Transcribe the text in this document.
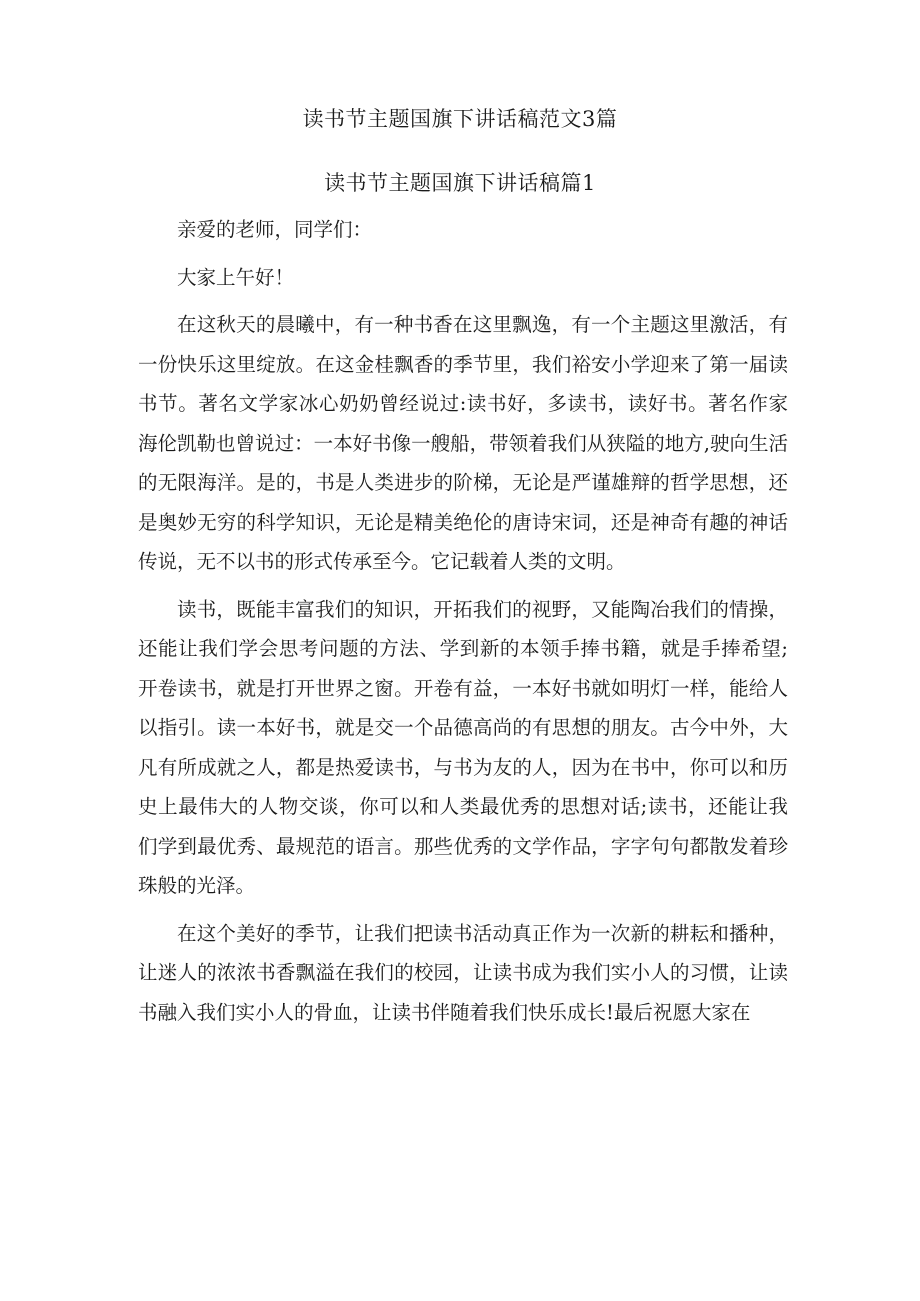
读书节主题国旗下讲话稿范文3篇
读书节主题国旗下讲话稿篇1

亲爱的老师，同学们：

大家上午好！

在这秋天的晨曦中，有一种书香在这里飘逸，有一个主题这里激活，有一份快乐这里绽放。在这金桂飘香的季节里，我们裕安小学迎来了第一届读书节。著名文学家冰心奶奶曾经说过:读书好，多读书，读好书。著名作家海伦凯勒也曾说过：一本好书像一艘船，带领着我们从狭隘的地方,驶向生活的无限海洋。是的，书是人类进步的阶梯，无论是严谨雄辩的哲学思想，还是奥妙无穷的科学知识，无论是精美绝伦的唐诗宋词，还是神奇有趣的神话传说，无不以书的形式传承至今。它记载着人类的文明。

读书，既能丰富我们的知识，开拓我们的视野，又能陶冶我们的情操，还能让我们学会思考问题的方法、学到新的本领手捧书籍，就是手捧希望;开卷读书，就是打开世界之窗。开卷有益，一本好书就如明灯一样，能给人以指引。读一本好书，就是交一个品德高尚的有思想的朋友。古今中外，大凡有所成就之人，都是热爱读书，与书为友的人，因为在书中，你可以和历史上最伟大的人物交谈，你可以和人类最优秀的思想对话;读书，还能让我们学到最优秀、最规范的语言。那些优秀的文学作品，字字句句都散发着珍珠般的光泽。

在这个美好的季节，让我们把读书活动真正作为一次新的耕耘和播种，让迷人的浓浓书香飘溢在我们的校园，让读书成为我们实小人的习惯，让读书融入我们实小人的骨血，让读书伴随着我们快乐成长!最后祝愿大家在
